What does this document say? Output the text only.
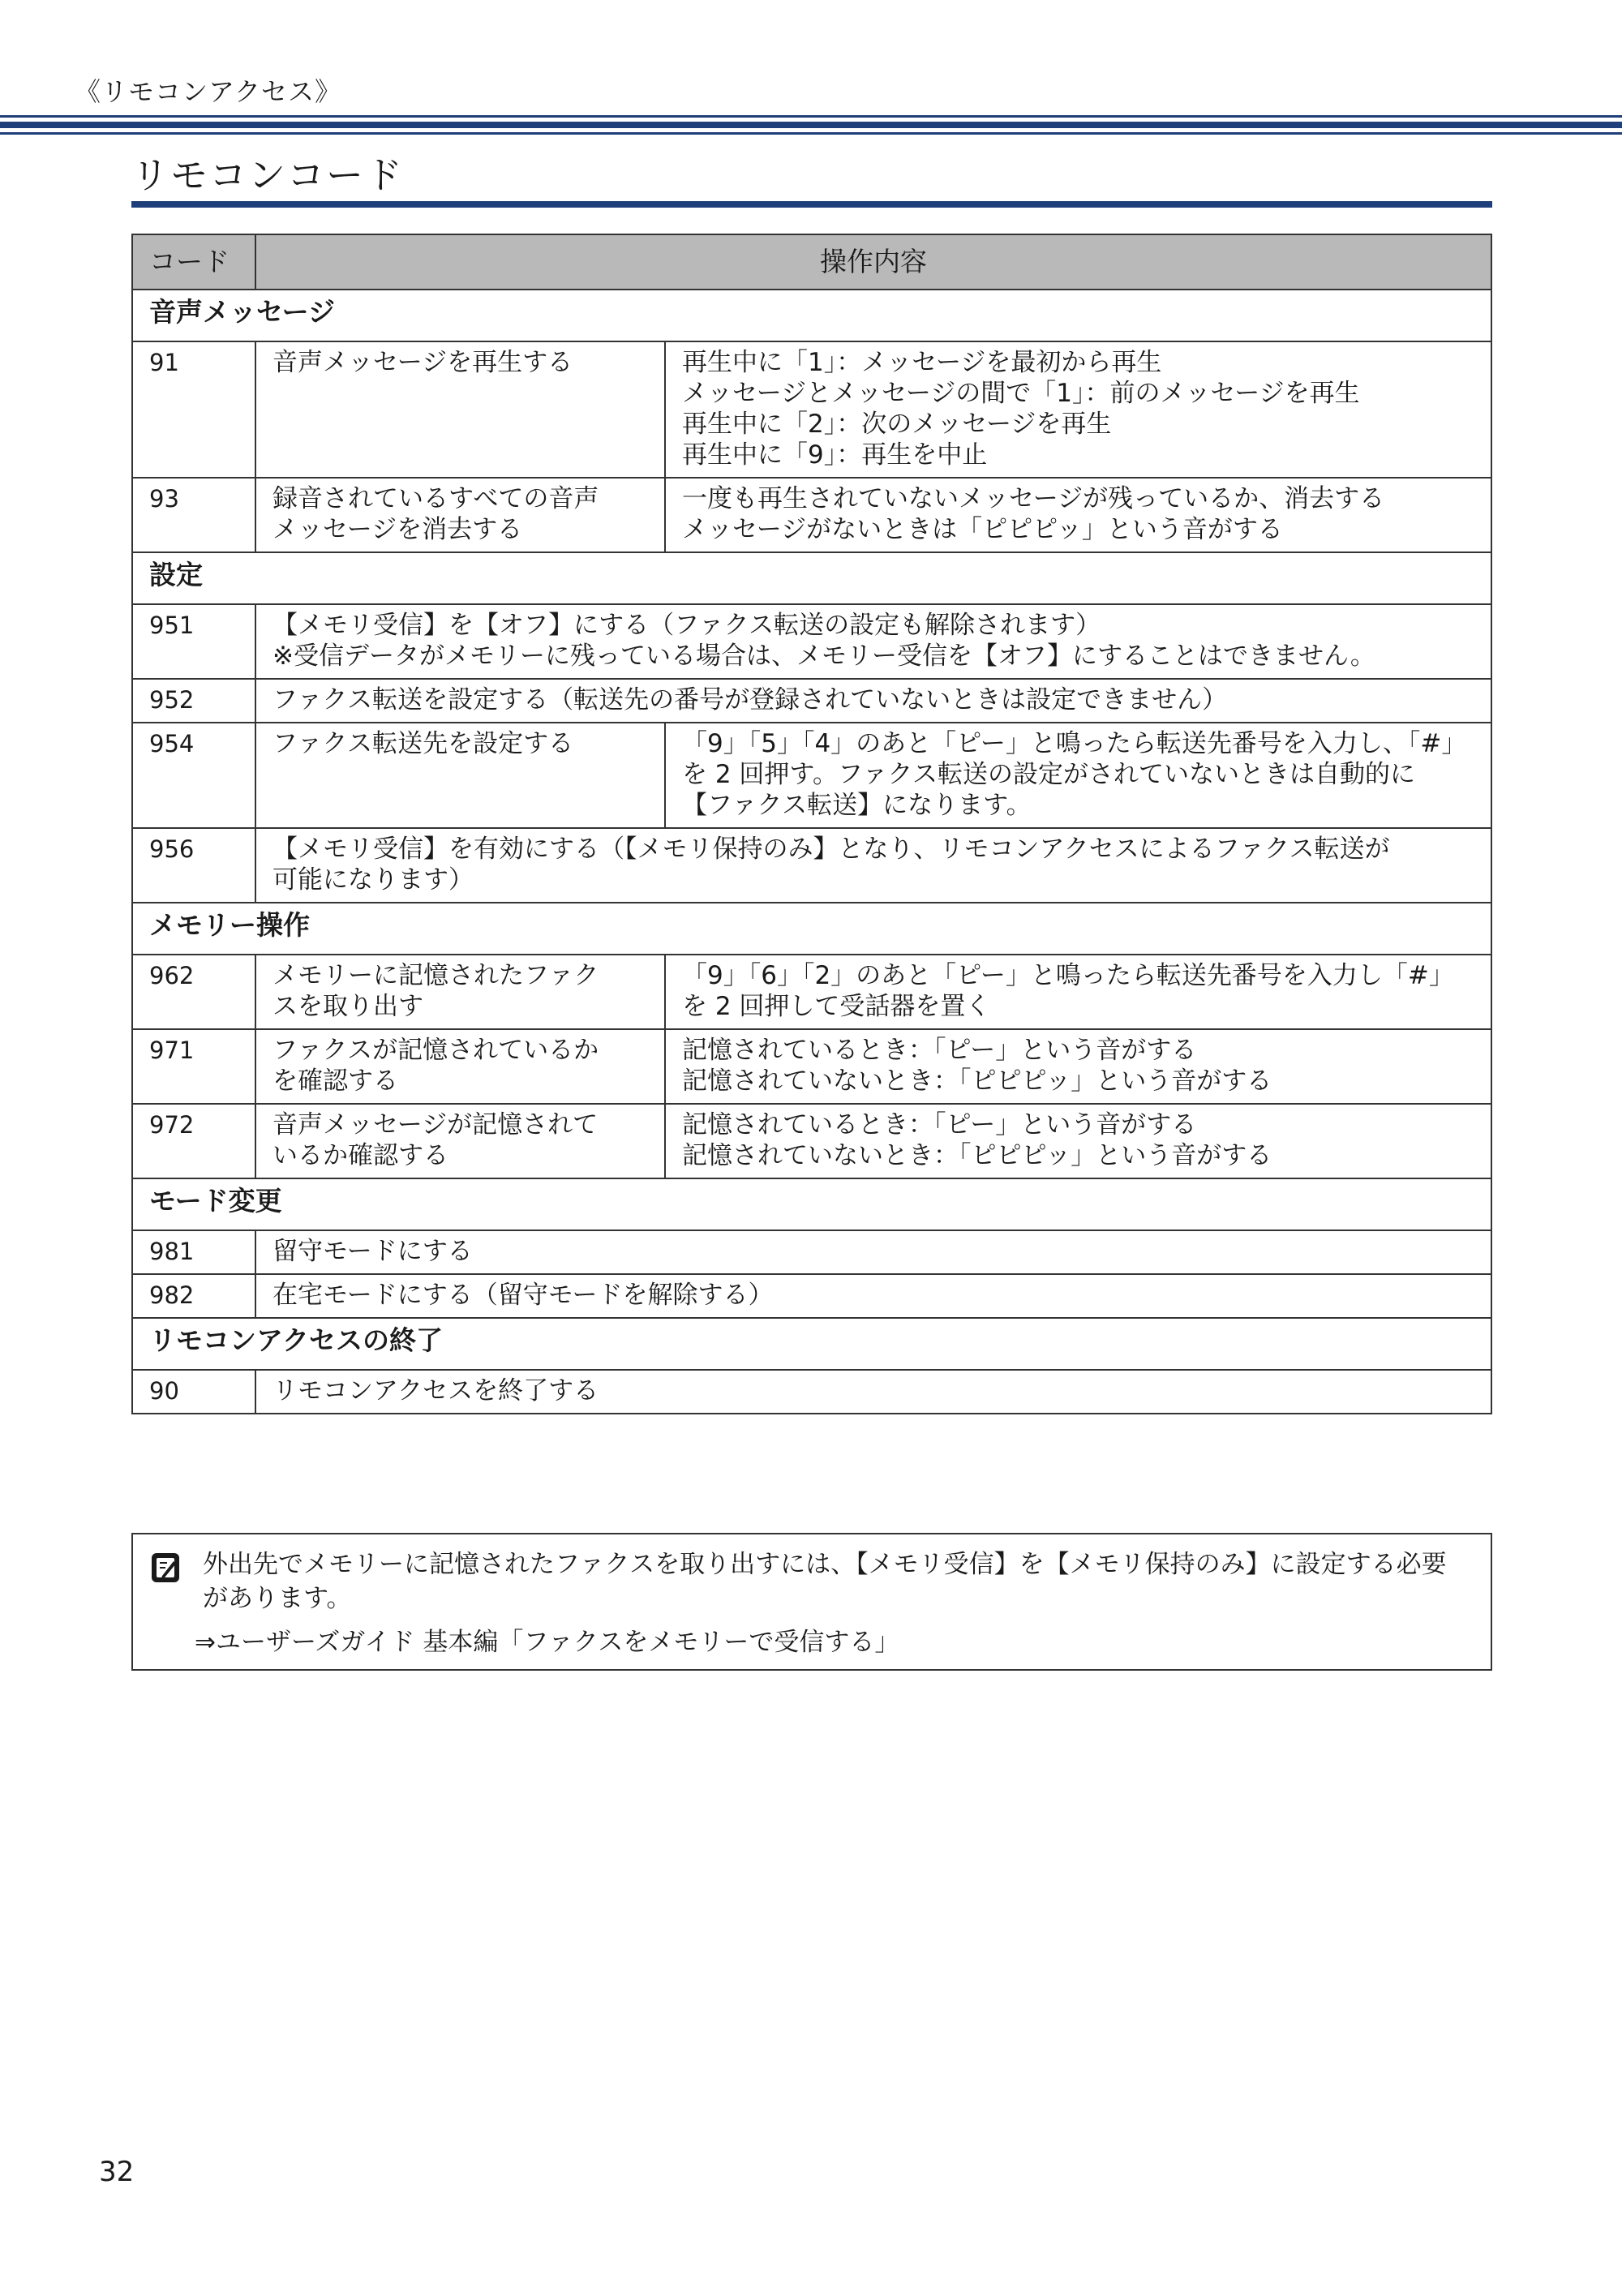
《リモコンアクセス》
リモコンコード
コード	操作内容	
音声メッセージ		
91	音声メッセージを再生する	再生中に「1」：メッセージを最初から再生
メッセージとメッセージの間で「1」：前のメッセージを再生
再生中に「2」：次のメッセージを再生
再生中に「9」：再生を中止

93	録音されているすべての音声
メッセージを消去する	一度も再生されていないメッセージが残っているか、消去する
メッセージがないときは「ピピピッ」という音がする

設定		
951	【メモリ受信】を【オフ】にする（ファクス転送の設定も解除されます）
※受信データがメモリーに残っている場合は、メモリー受信を【オフ】にすることはできません。	

952	ファクス転送を設定する（転送先の番号が登録されていないときは設定できません）	

954	ファクス転送先を設定する	「9」「5」「4」のあと「ピー」と鳴ったら転送先番号を入力し、「#」
を 2 回押す。ファクス転送の設定がされていないときは自動的に
【ファクス転送】になります。

956	【メモリ受信】を有効にする（【メモリ保持のみ】となり、リモコンアクセスによるファクス転送が
可能になります）	

メモリー操作		
962	メモリーに記憶されたファク
スを取り出す	「9」「6」「2」のあと「ピー」と鳴ったら転送先番号を入力し「#」
を 2 回押して受話器を置く

971	ファクスが記憶されているか
を確認する	記憶されているとき：「ピー」という音がする
記憶されていないとき：「ピピピッ」という音がする

972	音声メッセージが記憶されて
いるか確認する	記憶されているとき：「ピー」という音がする
記憶されていないとき：「ピピピッ」という音がする

モード変更		
981	留守モードにする	

982	在宅モードにする（留守モードを解除する）	

リモコンアクセスの終了		
90	リモコンアクセスを終了する	
外出先でメモリーに記憶されたファクスを取り出すには、【メモリ受信】を【メモリ保持のみ】に設定する必要があります。
⇒ユーザーズガイド 基本編「ファクスをメモリーで受信する」
32
